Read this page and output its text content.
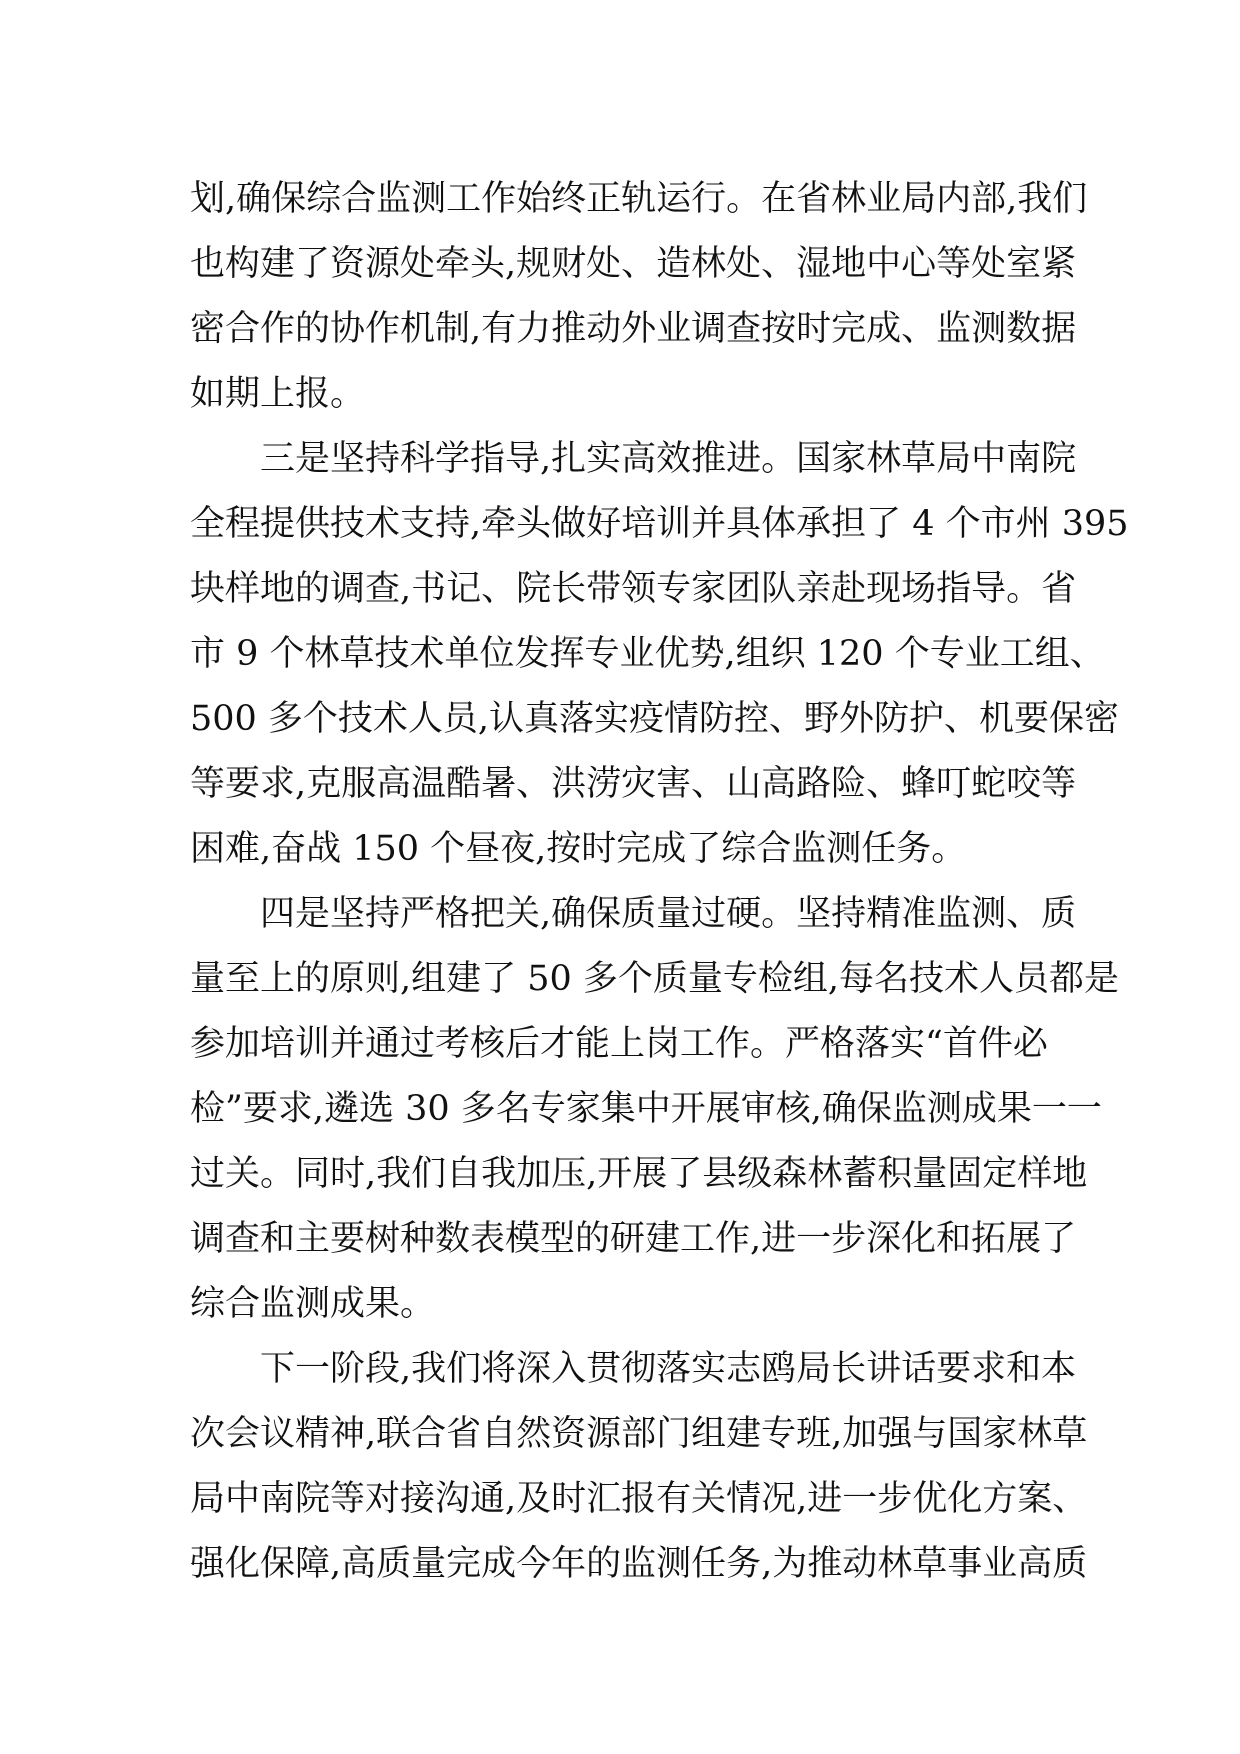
划,确保综合监测工作始终正轨运行。在省林业局内部,我们
也构建了资源处牵头,规财处、造林处、湿地中心等处室紧
密合作的协作机制,有力推动外业调查按时完成、监测数据
如期上报。
三是坚持科学指导,扎实高效推进。国家林草局中南院
全程提供技术支持,牵头做好培训并具体承担了 4 个市州 395
块样地的调查,书记、院长带领专家团队亲赴现场指导。省
市 9 个林草技术单位发挥专业优势,组织 120 个专业工组、
500 多个技术人员,认真落实疫情防控、野外防护、机要保密
等要求,克服高温酷暑、洪涝灾害、山高路险、蜂叮蛇咬等
困难,奋战 150 个昼夜,按时完成了综合监测任务。
四是坚持严格把关,确保质量过硬。坚持精准监测、质
量至上的原则,组建了 50 多个质量专检组,每名技术人员都是
参加培训并通过考核后才能上岗工作。严格落实“首件必
检”要求,遴选 30 多名专家集中开展审核,确保监测成果一一
过关。同时,我们自我加压,开展了县级森林蓄积量固定样地
调查和主要树种数表模型的研建工作,进一步深化和拓展了
综合监测成果。
下一阶段,我们将深入贯彻落实志鸥局长讲话要求和本
次会议精神,联合省自然资源部门组建专班,加强与国家林草
局中南院等对接沟通,及时汇报有关情况,进一步优化方案、
强化保障,高质量完成今年的监测任务,为推动林草事业高质
